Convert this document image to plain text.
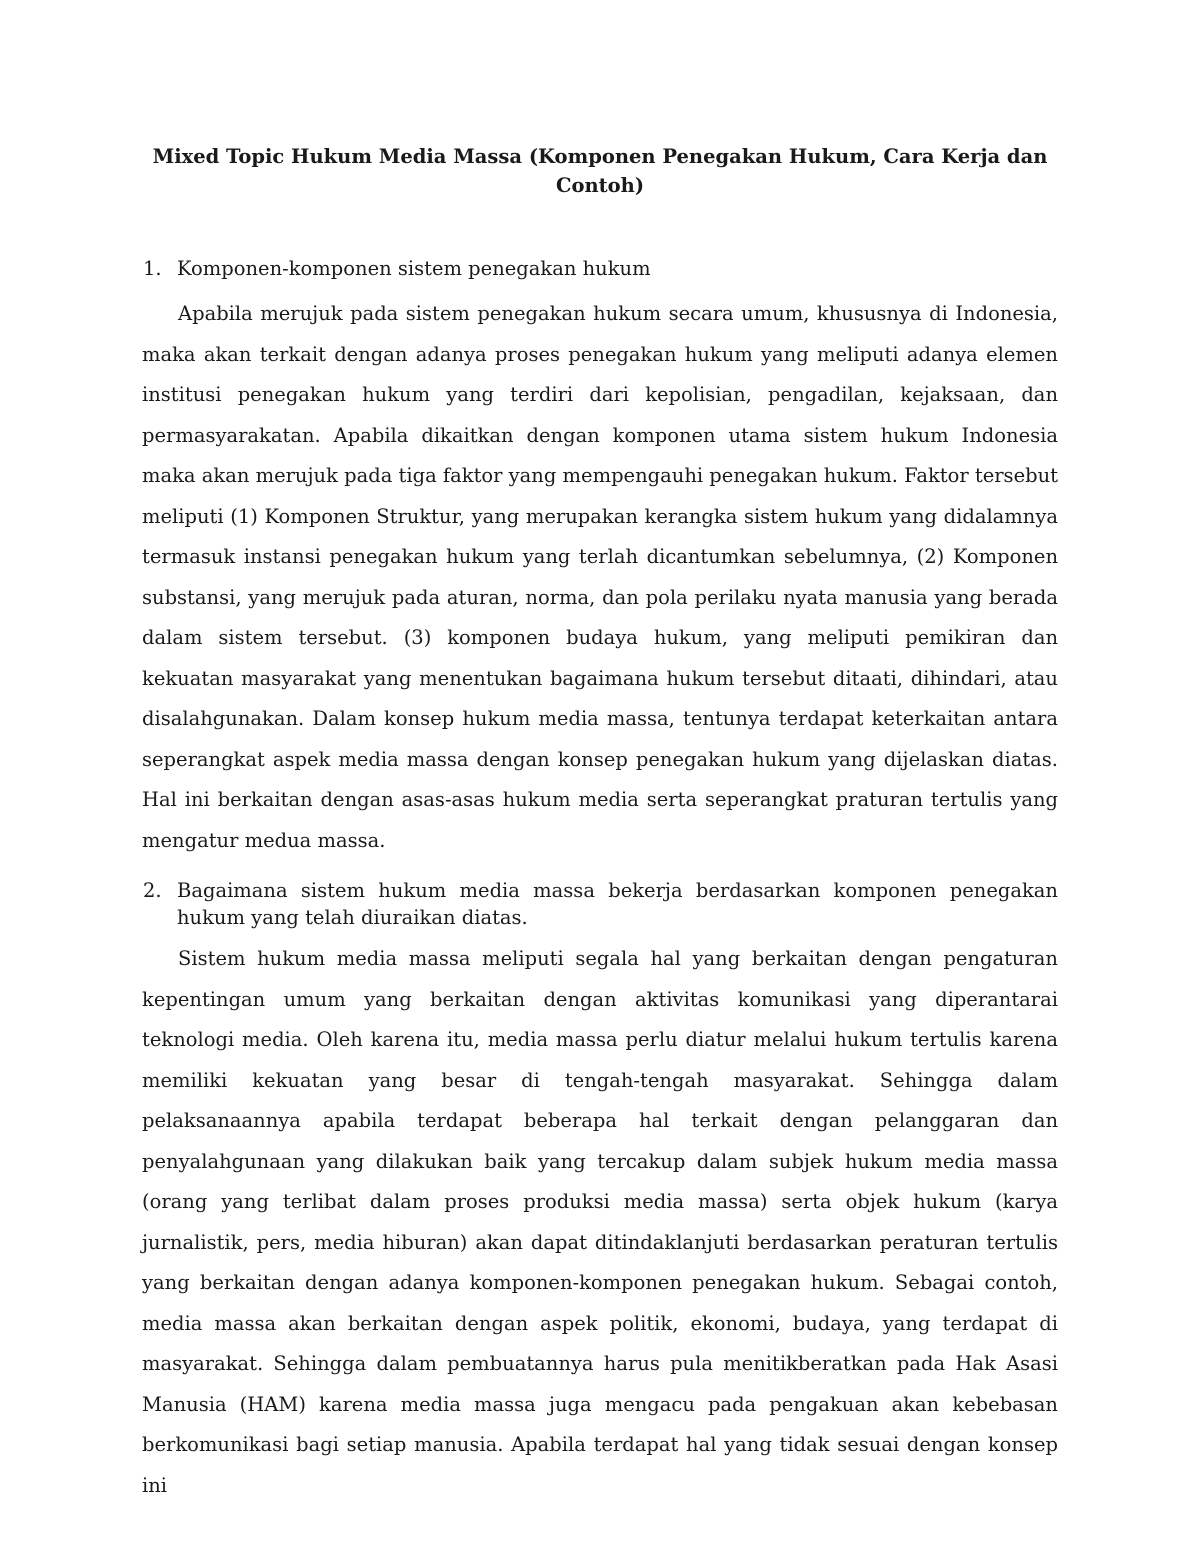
Mixed Topic Hukum Media Massa (Komponen Penegakan Hukum, Cara Kerja dan Contoh)
1. Komponen-komponen sistem penegakan hukum

Apabila merujuk pada sistem penegakan hukum secara umum, khususnya di Indonesia, maka akan terkait dengan adanya proses penegakan hukum yang meliputi adanya elemen institusi penegakan hukum yang terdiri dari kepolisian, pengadilan, kejaksaan, dan permasyarakatan. Apabila dikaitkan dengan komponen utama sistem hukum Indonesia maka akan merujuk pada tiga faktor yang mempengauhi penegakan hukum. Faktor tersebut meliputi (1) Komponen Struktur, yang merupakan kerangka sistem hukum yang didalamnya termasuk instansi penegakan hukum yang terlah dicantumkan sebelumnya, (2) Komponen substansi, yang merujuk pada aturan, norma, dan pola perilaku nyata manusia yang berada dalam sistem tersebut. (3) komponen budaya hukum, yang meliputi pemikiran dan kekuatan masyarakat yang menentukan bagaimana hukum tersebut ditaati, dihindari, atau disalahgunakan. Dalam konsep hukum media massa, tentunya terdapat keterkaitan antara seperangkat aspek media massa dengan konsep penegakan hukum yang dijelaskan diatas. Hal ini berkaitan dengan asas-asas hukum media serta seperangkat praturan tertulis yang mengatur medua massa.

2. Bagaimana sistem hukum media massa bekerja berdasarkan komponen penegakan hukum yang telah diuraikan diatas.

Sistem hukum media massa meliputi segala hal yang berkaitan dengan pengaturan kepentingan umum yang berkaitan dengan aktivitas komunikasi yang diperantarai teknologi media. Oleh karena itu, media massa perlu diatur melalui hukum tertulis karena memiliki kekuatan yang besar di tengah-tengah masyarakat. Sehingga dalam pelaksanaannya apabila terdapat beberapa hal terkait dengan pelanggaran dan penyalahgunaan yang dilakukan baik yang tercakup dalam subjek hukum media massa (orang yang terlibat dalam proses produksi media massa) serta objek hukum (karya jurnalistik, pers, media hiburan) akan dapat ditindaklanjuti berdasarkan peraturan tertulis yang berkaitan dengan adanya komponen-komponen penegakan hukum. Sebagai contoh, media massa akan berkaitan dengan aspek politik, ekonomi, budaya, yang terdapat di masyarakat. Sehingga dalam pembuatannya harus pula menitikberatkan pada Hak Asasi Manusia (HAM) karena media massa juga mengacu pada pengakuan akan kebebasan berkomunikasi bagi setiap manusia. Apabila terdapat hal yang tidak sesuai dengan konsep ini
